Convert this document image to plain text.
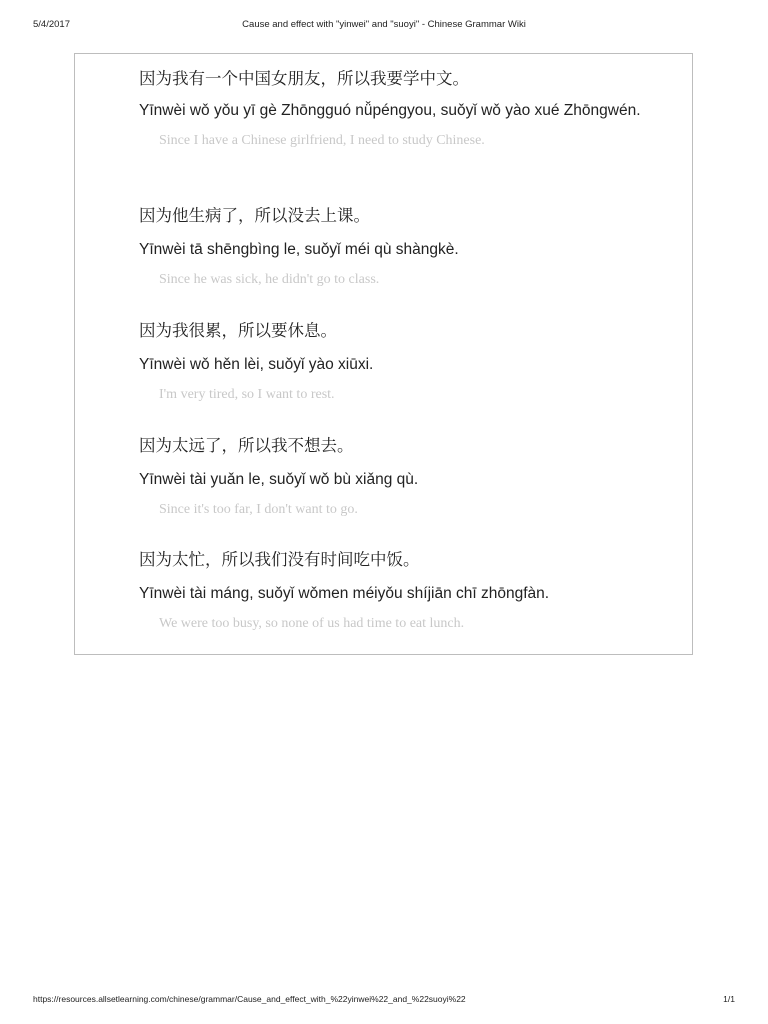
Cause and effect with "yinwei" and "suoyi" - Chinese Grammar Wiki
5/4/2017
因为我有一个中国女朋友，所以我要学中文。
Yīnwèi wǒ yǒu yī gè Zhōngguó nǚpéngyou, suǒyǐ wǒ yào xué Zhōngwén.
Since I have a Chinese girlfriend, I need to study Chinese.
因为他生病了，所以没去上课。
Yīnwèi tā shēngbìng le, suǒyǐ méi qù shàngkè.
Since he was sick, he didn't go to class.
因为我很累，所以要休息。
Yīnwèi wǒ hěn lèi, suǒyǐ yào xiūxi.
I'm very tired, so I want to rest.
因为太远了，所以我不想去。
Yīnwèi tài yuǎn le, suǒyǐ wǒ bù xiǎng qù.
Since it's too far, I don't want to go.
因为太忙，所以我们没有时间吃中饭。
Yīnwèi tài máng, suǒyǐ wǒmen méiyǒu shíjiān chī zhōngfàn.
We were too busy, so none of us had time to eat lunch.
https://resources.allsetlearning.com/chinese/grammar/Cause_and_effect_with_%22yinwei%22_and_%22suoyi%22	1/1
